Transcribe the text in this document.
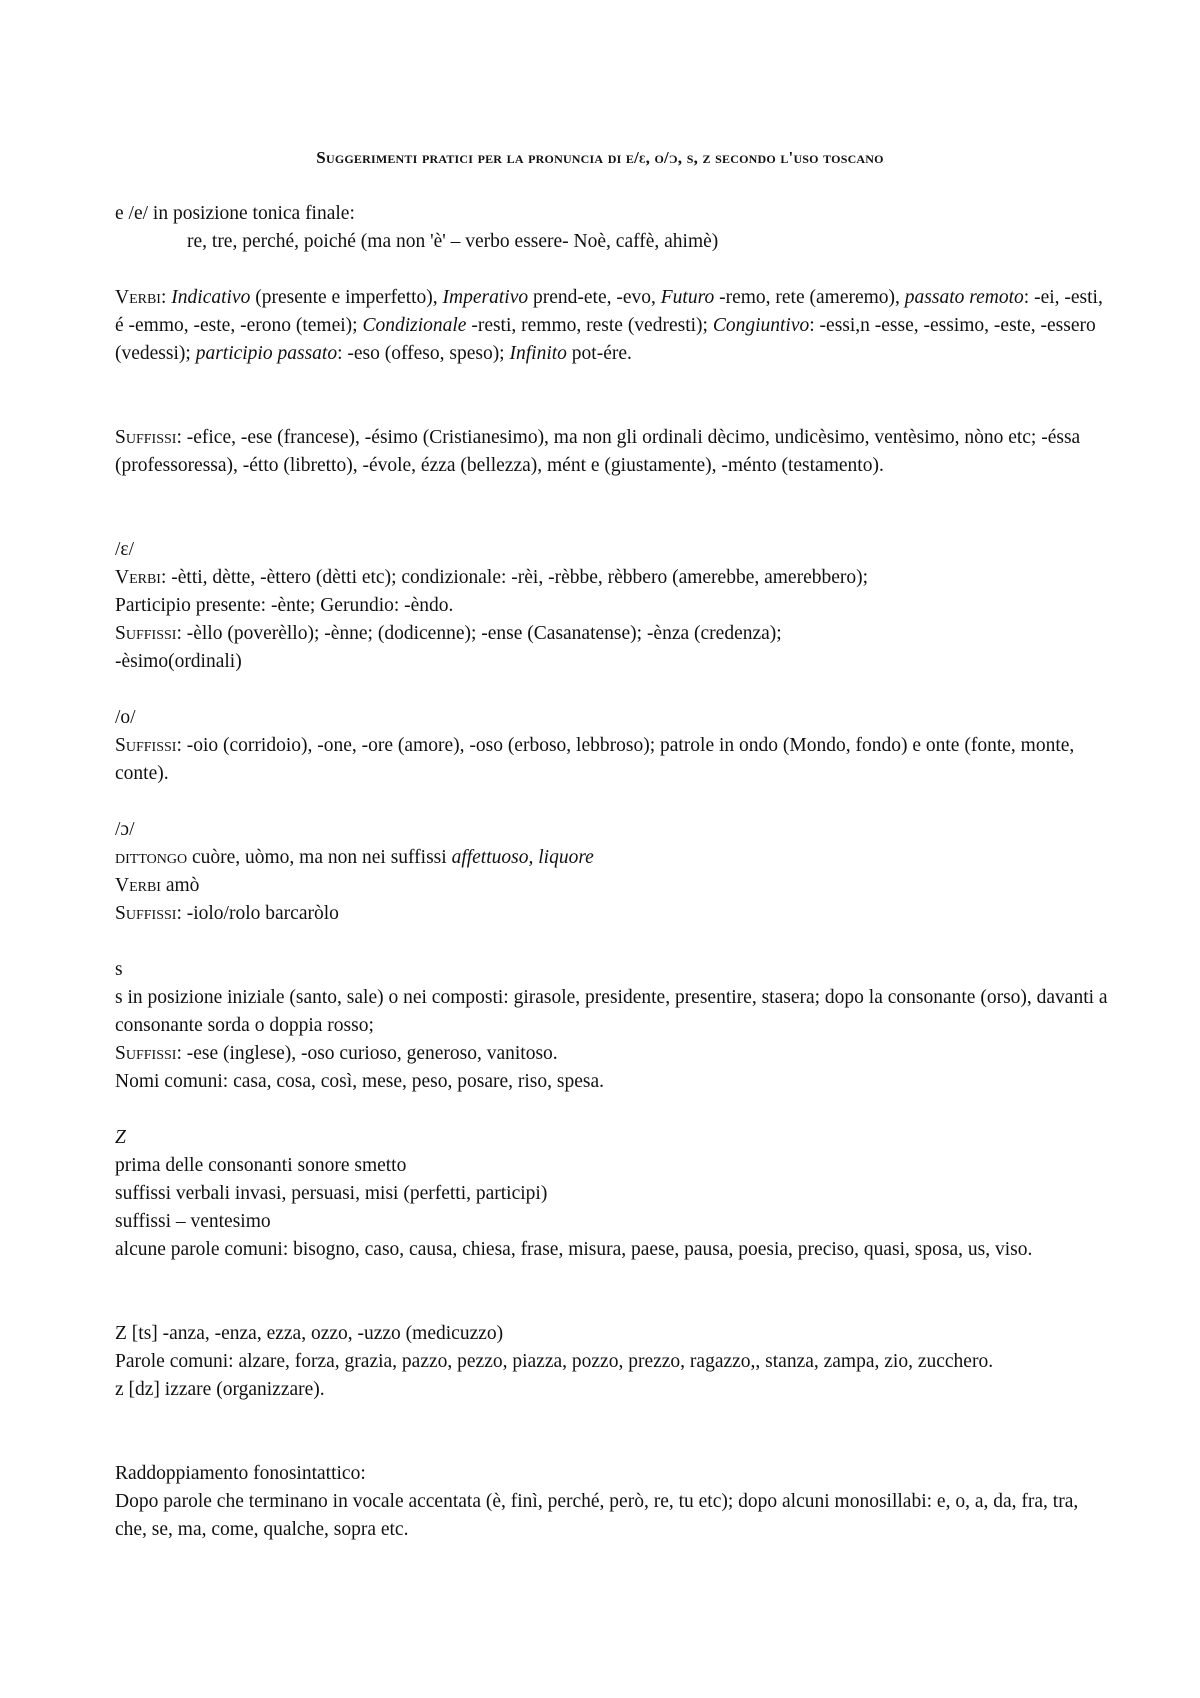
Suggerimenti pratici per la pronuncia di e/ɛ, o/ɔ, s, z secondo l'uso toscano

e /e/ in posizione tonica finale:

re, tre, perché, poiché (ma non 'è' – verbo essere- Noè, caffè, ahimè)

Verbi: Indicativo (presente e imperfetto), Imperativo prend-ete, -evo, Futuro -remo, rete (ameremo), passato remoto: -ei, -esti, é -emmo, -este, -erono (temei); Condizionale -resti, remmo, reste (vedresti); Congiuntivo: -essi,n -esse, -essimo, -este, -essero (vedessi); participio passato: -eso (offeso, speso); Infinito pot-ére.

Suffissi: -efice, -ese (francese), -ésimo (Cristianesimo), ma non gli ordinali dècimo, undicèsimo, ventèsimo, nòno etc; -éssa (professoressa), -étto (libretto), -évole, ézza (bellezza), mént e (giustamente), -ménto (testamento).

/ɛ/

Verbi: -ètti, dètte, -èttero (dètti etc); condizionale: -rèi, -rèbbe, rèbbero (amerebbe, amerebbero);

Participio presente: -ènte; Gerundio: -èndo.

Suffissi: -èllo (poverèllo); -ènne; (dodicenne); -ense (Casanatense); -ènza (credenza);

-èsimo(ordinali)

/o/

Suffissi: -oio (corridoio), -one, -ore (amore), -oso (erboso, lebbroso); patrole in ondo (Mondo, fondo) e onte (fonte, monte, conte).

/ɔ/

dittongo cuòre, uòmo, ma non nei suffissi affettuoso, liquore

Verbi amò

Suffissi: -iolo/rolo barcaròlo

s

s in posizione iniziale (santo, sale) o nei composti: girasole, presidente, presentire, stasera; dopo la consonante (orso), davanti a consonante sorda o doppia rosso;

Suffissi: -ese (inglese), -oso curioso, generoso, vanitoso.

Nomi comuni: casa, cosa, così, mese, peso, posare, riso, spesa.

Z

prima delle consonanti sonore smetto

suffissi verbali invasi, persuasi, misi (perfetti, participi)

suffissi – ventesimo

alcune parole comuni: bisogno, caso, causa, chiesa, frase, misura, paese, pausa, poesia, preciso, quasi, sposa, us, viso.

Z [ts] -anza, -enza, ezza, ozzo, -uzzo (medicuzzo)

Parole comuni: alzare, forza, grazia, pazzo, pezzo, piazza, pozzo, prezzo, ragazzo,, stanza, zampa, zio, zucchero.

z [dz] izzare (organizzare).

Raddoppiamento fonosintattico:

Dopo parole che terminano in vocale accentata (è, finì, perché, però, re, tu etc); dopo alcuni monosillabi: e, o, a, da, fra, tra, che, se, ma, come, qualche, sopra etc.
